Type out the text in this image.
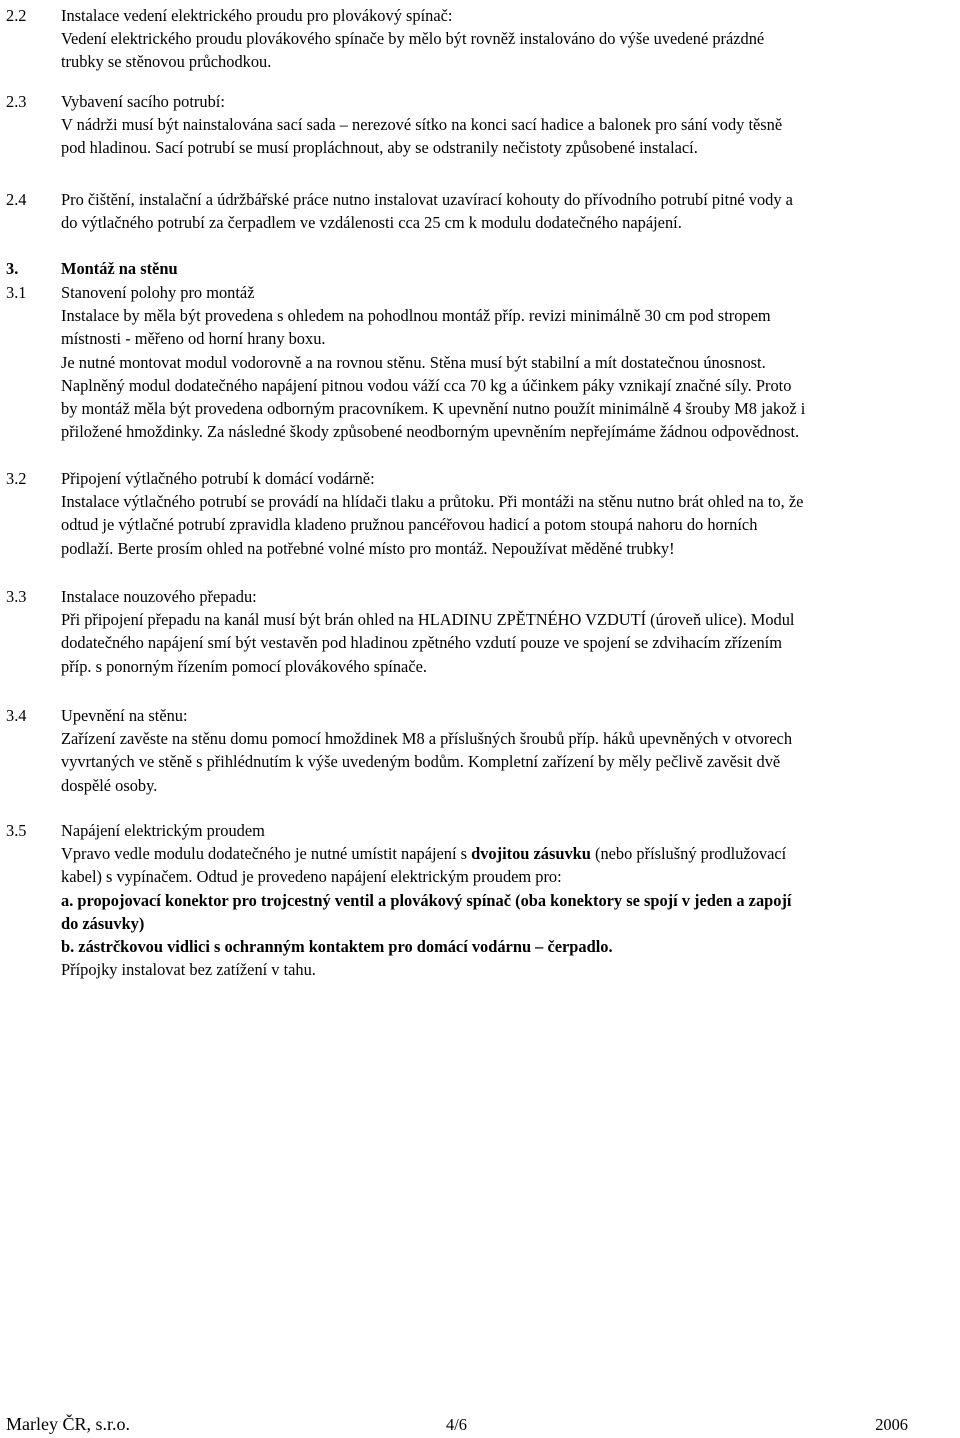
2.2	Instalace vedení elektrického proudu pro plovákový spínač:
Vedení elektrického proudu plovákového spínače by mělo být rovněž instalováno do výše uvedené prázdné
trubky se stěnovou průchodkou.
2.3	Vybavení sacího potrubí:
V nádrži musí být nainstalována sací sada – nerezové sítko na konci sací hadice a balonek pro sání vody těsně
pod hladinou. Sací potrubí se musí propláchnout, aby se odstranily nečistoty způsobené instalací.
2.4	Pro čištění, instalační a údržbářské práce nutno instalovat uzavírací kohouty do přívodního potrubí pitné vody a
do výtlačného potrubí za čerpadlem ve vzdálenosti cca 25 cm k modulu dodatečného napájení.
3.	Montáž na stěnu
3.1	Stanovení polohy pro montáž
Instalace by měla být provedena s ohledem na pohodlnou montáž příp. revizi minimálně 30 cm pod stropem
místnosti - měřeno od horní hrany boxu.
Je nutné montovat modul vodorovně a na rovnou stěnu. Stěna musí být stabilní a mít dostatečnou únosnost.
Naplněný modul dodatečného napájení pitnou vodou váží cca 70 kg a účinkem páky vznikají značné síly. Proto
by montáž měla být provedena odborným pracovníkem. K upevnění nutno použít minimálně 4 šrouby M8 jakož i
přiložené hmoždinky. Za následné škody způsobené neodborným upevněním nepřejímáme žádnou odpovědnost.
3.2	Připojení výtlačného potrubí k domácí vodárně:
Instalace výtlačného potrubí se provádí na hlídači tlaku a průtoku. Při montáži na stěnu nutno brát ohled na to, že
odtud je výtlačné potrubí zpravidla kladeno pružnou pancéřovou hadicí a potom stoupá nahoru do horních
podlaží. Berte prosím ohled na potřebné volné místo pro montáž. Nepoužívat měděné trubky!
3.3	Instalace nouzového přepadu:
Při připojení přepadu na kanál musí být brán ohled na HLADINU ZPĚTNÉHO VZDUTÍ (úroveň ulice). Modul
dodatečného napájení smí být vestavěn pod hladinou zpětného vzdutí pouze ve spojení se zdvihacím zřízením
příp. s ponorným řízením pomocí plovákového spínače.
3.4	Upevnění na stěnu:
Zařízení zavěste na stěnu domu pomocí hmoždinek M8 a příslušných šroubů příp. háků upevněných v otvorech
vyvrtaných ve stěně s přihlédnutím k výše uvedeným bodům. Kompletní zařízení by měly pečlivě zavěsit dvě
dospělé osoby.
3.5	Napájení elektrickým proudem
Vpravo vedle modulu dodatečného je nutné umístit napájení s dvojitou zásuvku (nebo příslušný prodlužovací
kabel) s vypínačem. Odtud je provedeno napájení elektrickým proudem pro:
a. propojovací konektor pro trojcestný ventil a plovákový spínač (oba konektory se spojí v jeden a zapojí
do zásuvky)
b. zástrčkovou vidlici s ochranným kontaktem pro domácí vodárnu – čerpadlo.
Přípojky instalovat bez zatížení v tahu.
Marley ČR, s.r.o.	4/6	2006
